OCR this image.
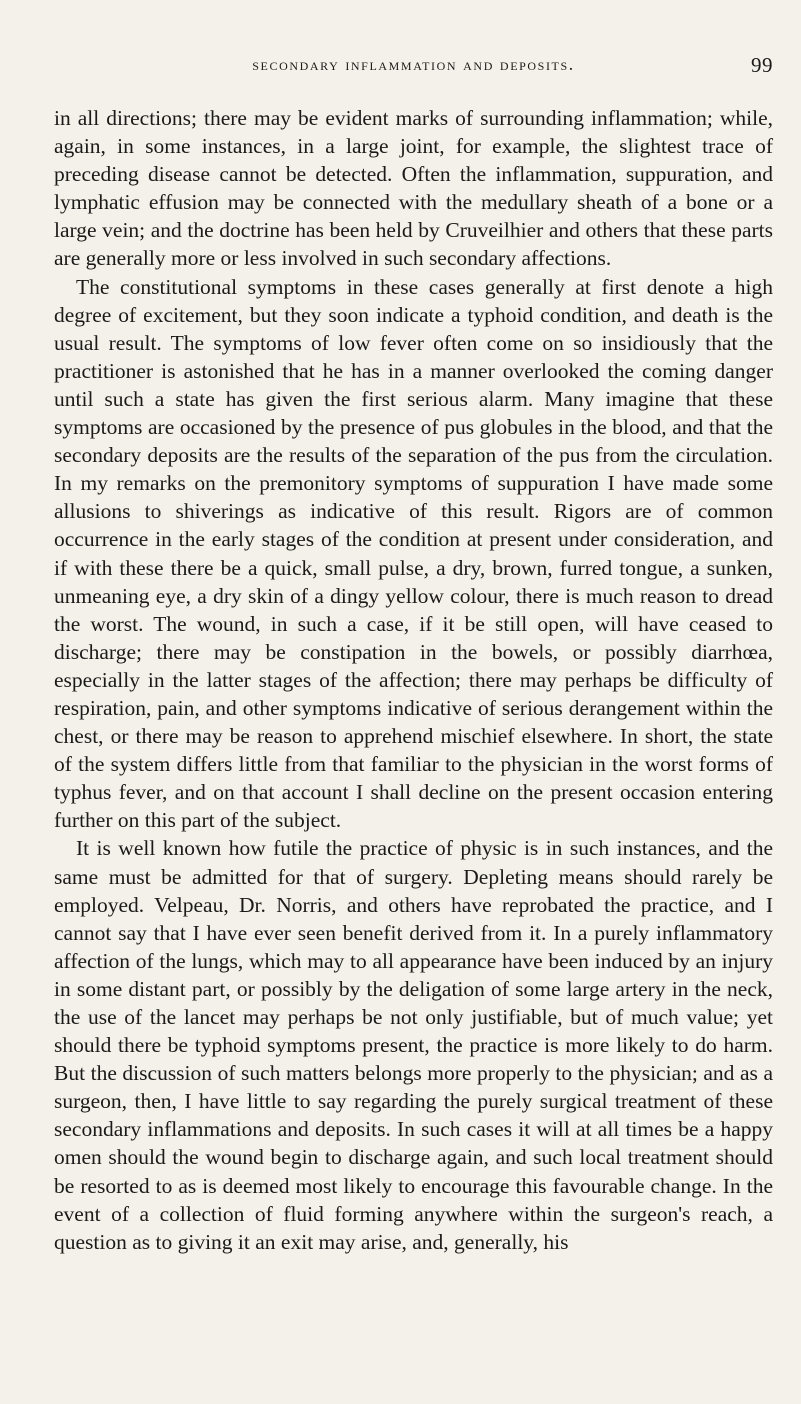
secondary inflammation and deposits.	99

in all directions; there may be evident marks of surrounding inflammation; while, again, in some instances, in a large joint, for example, the slightest trace of preceding disease cannot be detected. Often the inflammation, suppuration, and lymphatic effusion may be connected with the medullary sheath of a bone or a large vein; and the doctrine has been held by Cruveilhier and others that these parts are generally more or less involved in such secondary affections.

The constitutional symptoms in these cases generally at first denote a high degree of excitement, but they soon indicate a typhoid condition, and death is the usual result. The symptoms of low fever often come on so insidiously that the practitioner is astonished that he has in a manner overlooked the coming danger until such a state has given the first serious alarm. Many imagine that these symptoms are occasioned by the presence of pus globules in the blood, and that the secondary deposits are the results of the separation of the pus from the circulation. In my remarks on the premonitory symptoms of suppuration I have made some allusions to shiverings as indicative of this result. Rigors are of common occurrence in the early stages of the condition at present under consideration, and if with these there be a quick, small pulse, a dry, brown, furred tongue, a sunken, unmeaning eye, a dry skin of a dingy yellow colour, there is much reason to dread the worst. The wound, in such a case, if it be still open, will have ceased to discharge; there may be constipation in the bowels, or possibly diarrhœa, especially in the latter stages of the affection; there may perhaps be difficulty of respiration, pain, and other symptoms indicative of serious derangement within the chest, or there may be reason to apprehend mischief elsewhere. In short, the state of the system differs little from that familiar to the physician in the worst forms of typhus fever, and on that account I shall decline on the present occasion entering further on this part of the subject.

It is well known how futile the practice of physic is in such instances, and the same must be admitted for that of surgery. Depleting means should rarely be employed. Velpeau, Dr. Norris, and others have reprobated the practice, and I cannot say that I have ever seen benefit derived from it. In a purely inflammatory affection of the lungs, which may to all appearance have been induced by an injury in some distant part, or possibly by the deligation of some large artery in the neck, the use of the lancet may perhaps be not only justifiable, but of much value; yet should there be typhoid symptoms present, the practice is more likely to do harm. But the discussion of such matters belongs more properly to the physician; and as a surgeon, then, I have little to say regarding the purely surgical treatment of these secondary inflammations and deposits. In such cases it will at all times be a happy omen should the wound begin to discharge again, and such local treatment should be resorted to as is deemed most likely to encourage this favourable change. In the event of a collection of fluid forming anywhere within the surgeon's reach, a question as to giving it an exit may arise, and, generally, his
